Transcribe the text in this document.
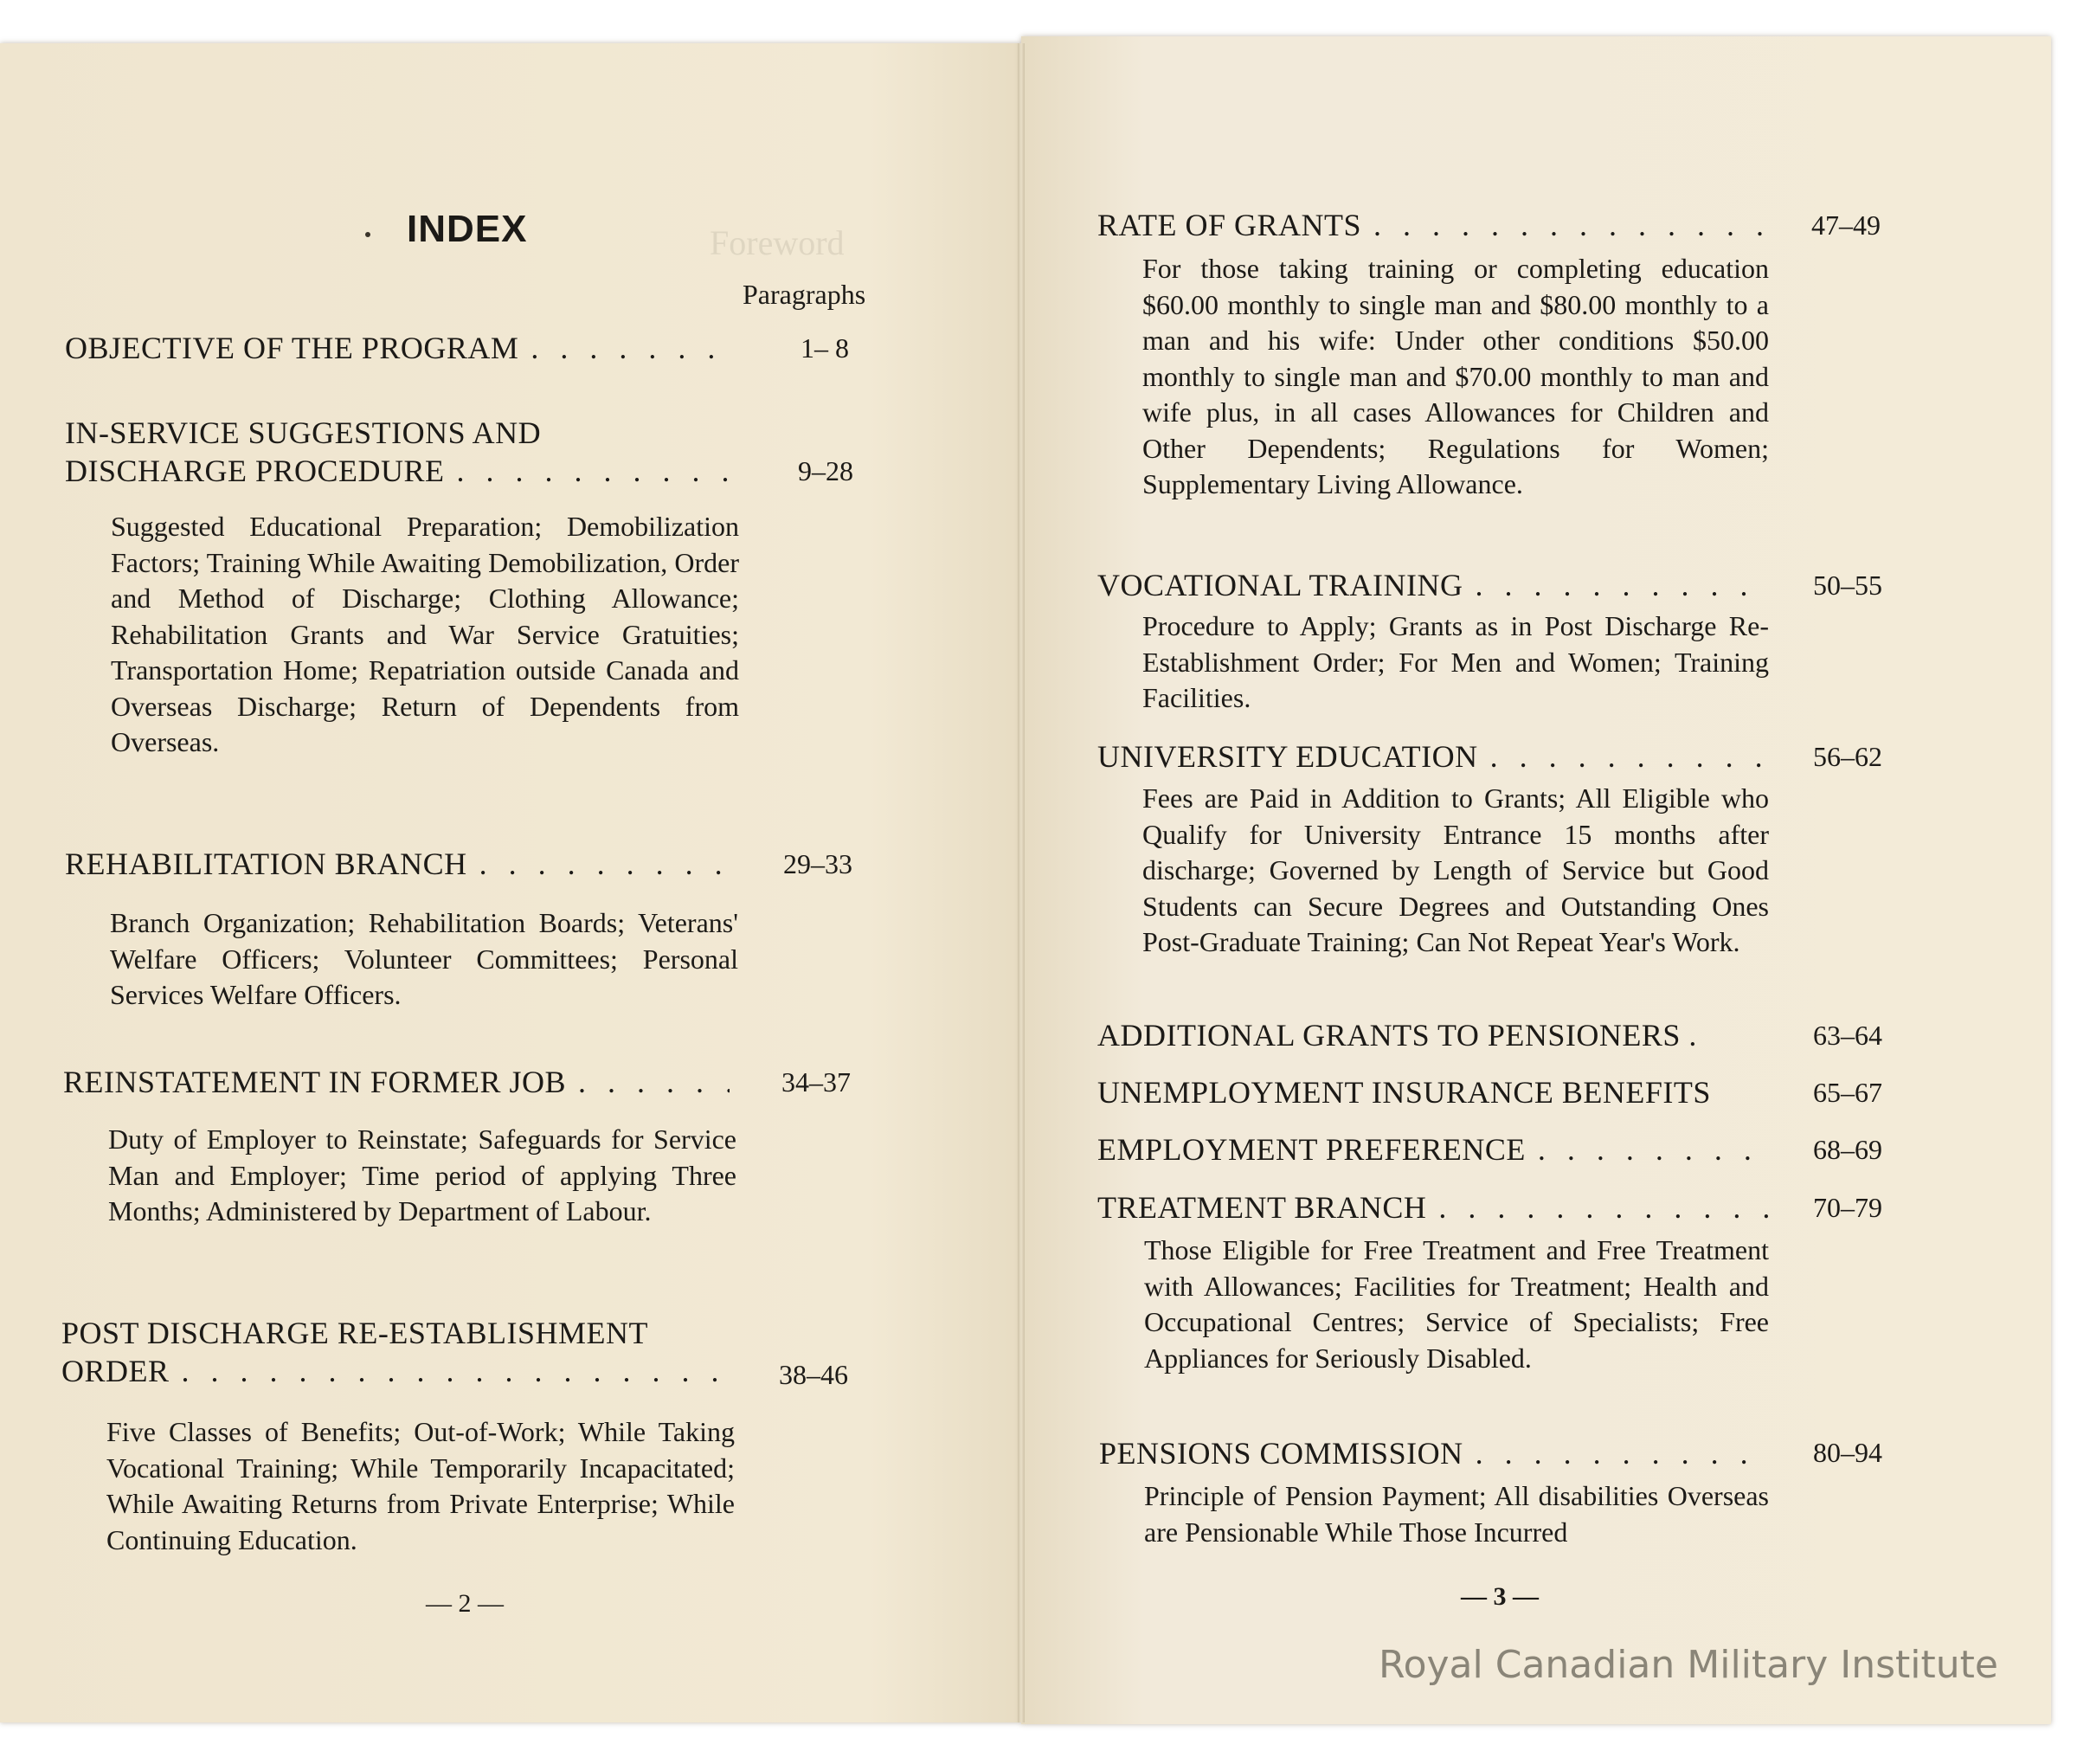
Foreword
INDEX
Paragraphs
OBJECTIVE OF THE PROGRAM . . .	1– 8
IN-SERVICE SUGGESTIONS AND
DISCHARGE PROCEDURE . . .	9–28
Suggested Educational Preparation; Demobilization Factors; Training While Awaiting Demobilization, Order and Method of Discharge; Clothing Allowance; Rehabilitation Grants and War Service Gratuities; Transportation Home; Repatriation outside Canada and Overseas Discharge; Return of Dependents from Overseas.
REHABILITATION BRANCH . . .	29–33
Branch Organization; Rehabilitation Boards; Veterans' Welfare Officers; Volunteer Committees; Personal Services Welfare Officers.
REINSTATEMENT IN FORMER JOB . . .	34–37
Duty of Employer to Reinstate; Safeguards for Service Man and Employer; Time period of applying Three Months; Administered by Department of Labour.
POST DISCHARGE RE-ESTABLISHMENT
ORDER . . .	38–46
Five Classes of Benefits; Out-of-Work; While Taking Vocational Training; While Temporarily Incapacitated; While Awaiting Returns from Private Enterprise; While Continuing Education.
— 2 —
RATE OF GRANTS . . .	47–49
For those taking training or completing education $60.00 monthly to single man and $80.00 monthly to a man and his wife: Under other conditions $50.00 monthly to single man and $70.00 monthly to man and wife plus, in all cases Allowances for Children and Other Dependents; Regulations for Women; Supplementary Living Allowance.
VOCATIONAL TRAINING . . .	50–55
Procedure to Apply; Grants as in Post Discharge Re-Establishment Order; For Men and Women; Training Facilities.
UNIVERSITY EDUCATION . . .	56–62
Fees are Paid in Addition to Grants; All Eligible who Qualify for University Entrance 15 months after discharge; Governed by Length of Service but Good Students can Secure Degrees and Outstanding Ones Post-Graduate Training; Can Not Repeat Year's Work.
ADDITIONAL GRANTS TO PENSIONERS .	63–64
UNEMPLOYMENT INSURANCE BENEFITS	65–67
EMPLOYMENT PREFERENCE . . .	68–69
TREATMENT BRANCH . . .	70–79
Those Eligible for Free Treatment and Free Treatment with Allowances; Facilities for Treatment; Health and Occupational Centres; Service of Specialists; Free Appliances for Seriously Disabled.
PENSIONS COMMISSION . . .	80–94
Principle of Pension Payment; All disabilities Overseas are Pensionable While Those Incurred
— 3 —
Royal Canadian Military Institute
